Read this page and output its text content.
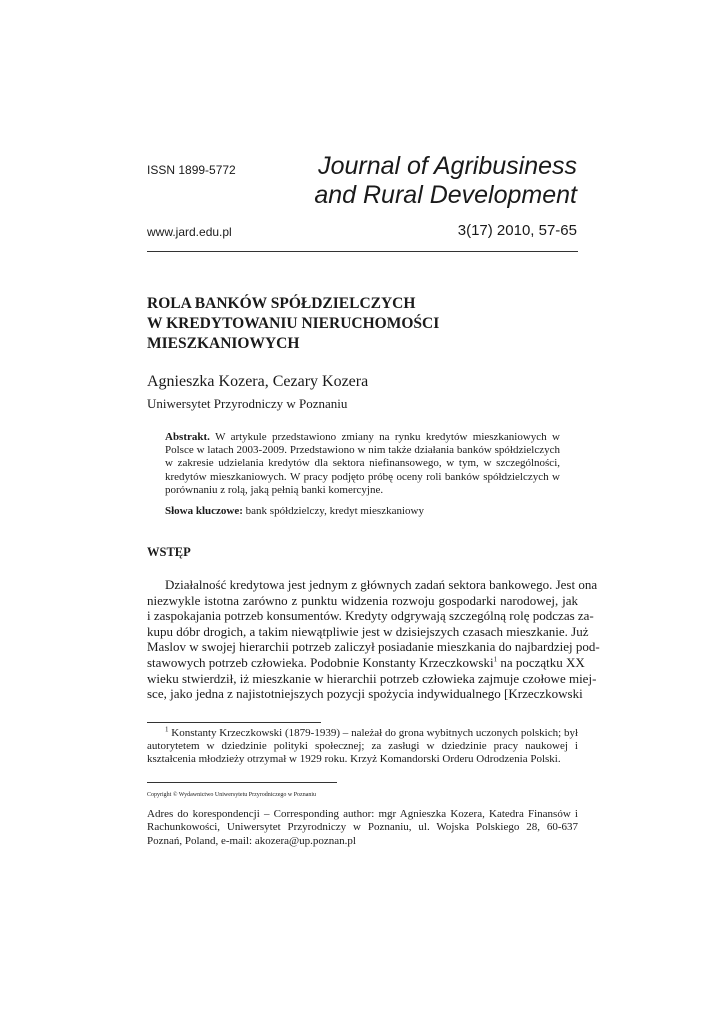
ISSN 1899-5772	Journal of Agribusiness
and Rural Development
www.jard.edu.pl	3(17) 2010, 57-65
ROLA BANKÓW SPÓŁDZIELCZYCH
W KREDYTOWANIU NIERUCHOMOŚCI
MIESZKANIOWYCH
Agnieszka Kozera, Cezary Kozera
Uniwersytet Przyrodniczy w Poznaniu
Abstrakt. W artykule przedstawiono zmiany na rynku kredytów mieszkaniowych w Polsce w latach 2003-2009. Przedstawiono w nim także działania banków spółdzielczych w zakresie udzielania kredytów dla sektora niefinansowego, w tym, w szczególności, kredytów mieszkaniowych. W pracy podjęto próbę oceny roli banków spółdzielczych w porównaniu z rolą, jaką pełnią banki komercyjne.
Słowa kluczowe: bank spółdzielczy, kredyt mieszkaniowy
WSTĘP
Działalność kredytowa jest jednym z głównych zadań sektora bankowego. Jest ona
niezwykle istotna zarówno z punktu widzenia rozwoju gospodarki narodowej, jak
i zaspokajania potrzeb konsumentów. Kredyty odgrywają szczególną rolę podczas za-
kupu dóbr drogich, a takim niewątpliwie jest w dzisiejszych czasach mieszkanie. Już
Maslov w swojej hierarchii potrzeb zaliczył posiadanie mieszkania do najbardziej pod-
stawowych potrzeb człowieka. Podobnie Konstanty Krzeczkowski$^1$ na początku XX
wieku stwierdził, iż mieszkanie w hierarchii potrzeb człowieka zajmuje czołowe miej-
sce, jako jedna z najistotniejszych pozycji spożycia indywidualnego [Krzeczkowski
$^1$ Konstanty Krzeczkowski (1879-1939) – należał do grona wybitnych uczonych polskich; był autorytetem w dziedzinie polityki społecznej; za zasługi w dziedzinie pracy naukowej i kształcenia młodzieży otrzymał w 1929 roku. Krzyż Komandorski Orderu Odrodzenia Polski.
Copyright © Wydawnictwo Uniwersytetu Przyrodniczego w Poznaniu
Adres do korespondencji – Corresponding author: mgr Agnieszka Kozera, Katedra Finansów i Rachunkowości, Uniwersytet Przyrodniczy w Poznaniu, ul. Wojska Polskiego 28, 60-637 Poznań, Poland, e-mail: akozera@up.poznan.pl
